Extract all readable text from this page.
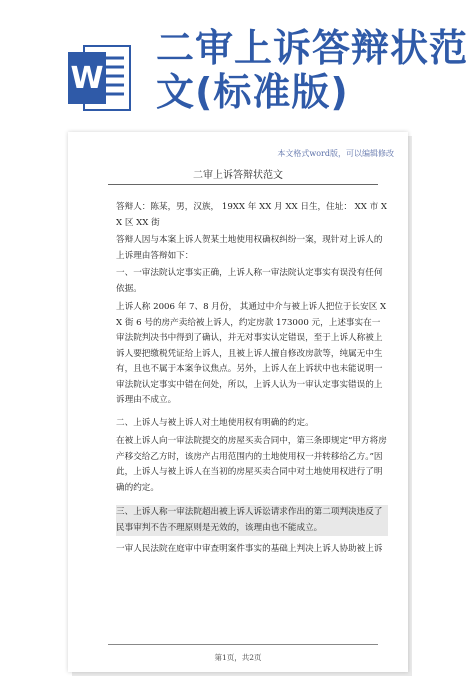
W
二审上诉答辩状范
文(标准版)
本文格式word版，可以编辑修改
二审上诉答辩状范文
答辩人：陈某，男，汉族， 19XX 年 XX 月 XX 日生，住址： XX 市 XX 区 XX 街
答辩人因与本案上诉人贺某土地使用权确权纠纷一案，现针对上诉人的上诉理由答辩如下：
一、一审法院认定事实正确，上诉人称一审法院认定事实有误没有任何依据。
上诉人称 2006 年 7、8 月份， 其通过中介与被上诉人把位于长安区 XX 街 6 号的房产卖给被上诉人，约定房款 173000 元，上述事实在一审法院判决书中得到了确认，并无对事实认定错误，至于上诉人称被上诉人要把缴税凭证给上诉人，且被上诉人擅自修改房款等，纯属无中生有，且也不属于本案争议焦点。另外，上诉人在上诉状中也未能说明一审法院认定事实中错在何处，所以，上诉人认为一审认定事实错误的上诉理由不成立。
二、上诉人与被上诉人对土地使用权有明确的约定。
在被上诉人向一审法院提交的房屋买卖合同中，第三条即规定“甲方将房产移交给乙方时，该房产占用范围内的土地使用权一并转移给乙方。”因此，上诉人与被上诉人在当初的房屋买卖合同中对土地使用权进行了明确的约定。
三、上诉人称一审法院超出被上诉人诉讼请求作出的第二项判决违反了民事审判不告不理原则是无效的，该理由也不能成立。
一审人民法院在庭审中审查明案件事实的基础上判决上诉人协助被上诉
第1页，共2页
